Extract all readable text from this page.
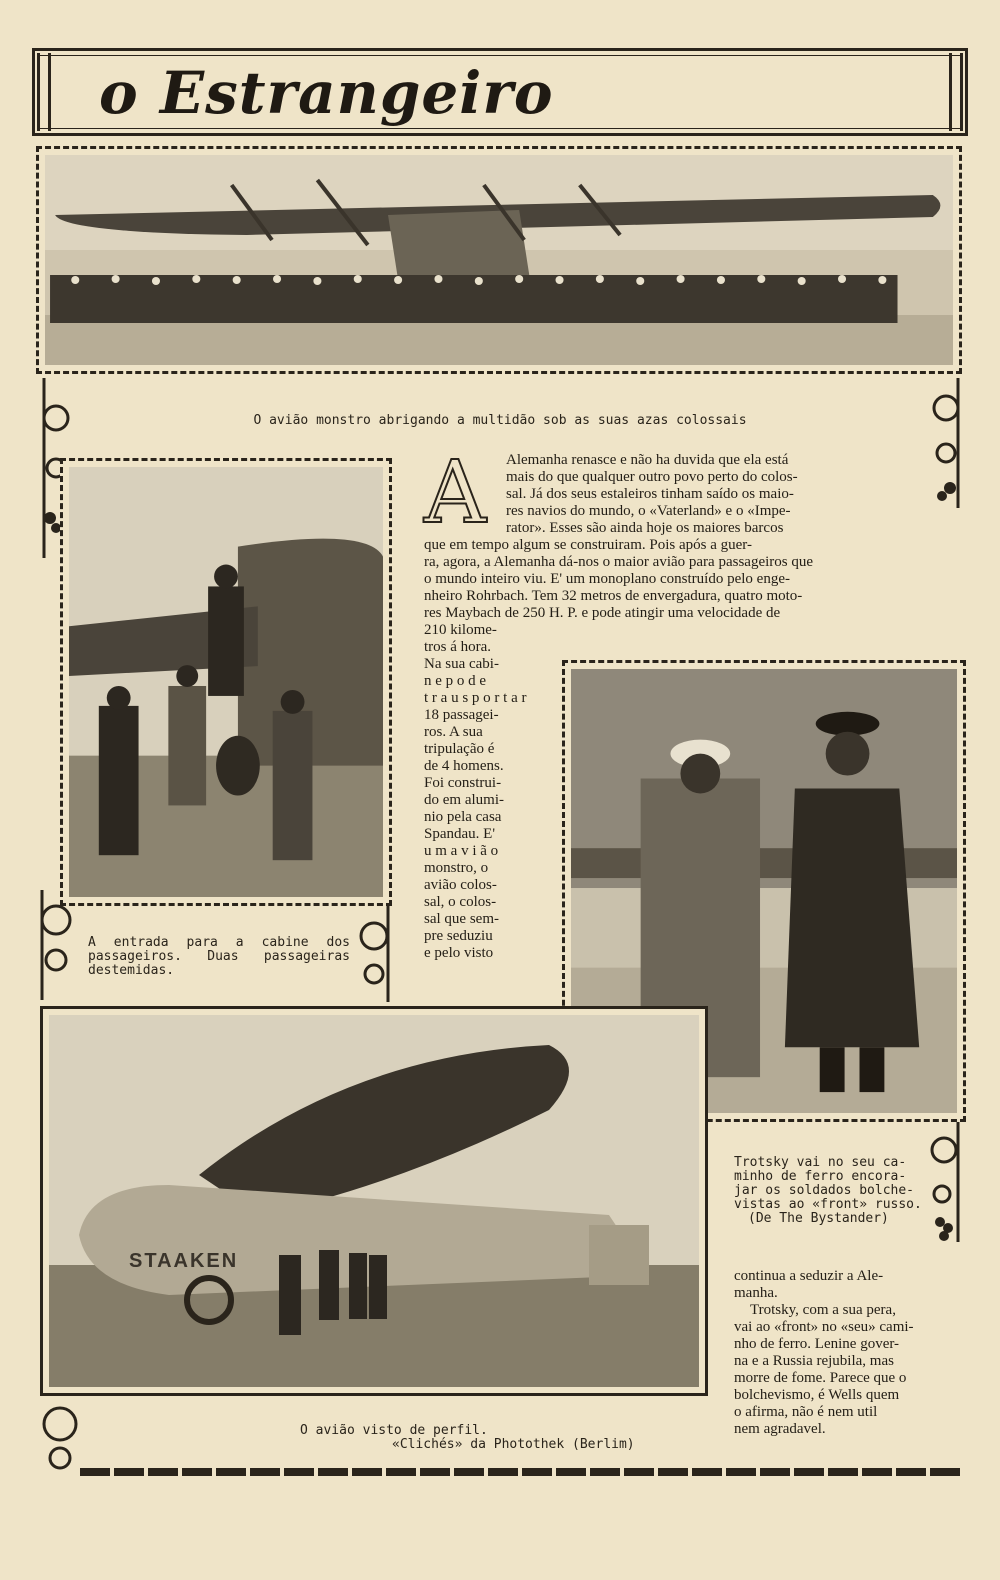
o Estrangeiro
O avião monstro abrigando a multidão sob as suas azas colossais
A entrada para a cabine dos passageiros. Duas passageiras destemidas.
A Alemanha renasce e não ha duvida que ela está
mais do que qualquer outro povo perto do colos-
sal. Já dos seus estaleiros tinham saído os maio-
res navios do mundo, o «Vaterland» e o «Impe-
rator». Esses são ainda hoje os maiores barcos
que em tempo algum se construiram. Pois após a guer-
ra, agora, a Alemanha dá-nos o maior avião para passageiros que
o mundo inteiro viu. E' um monoplano construído pelo enge-
nheiro Rohrbach. Tem 32 metros de envergadura, quatro moto-
res Maybach de 250 H. P. e pode atingir uma velocidade de
210 kilome-
tros á hora.
Na sua cabi-
n e p o d e
t r a u s p o r t a r
18 passagei-
ros. A sua
tripulação é
de 4 homens.
Foi construi-
do em alumi-
nio pela casa
Spandau. E'
u m a v i ã o
monstro, o
avião colos-
sal, o colos-
sal que sem-
pre seduziu
e pelo visto
Trotsky vai no seu ca-
minho de ferro encora-
jar os soldados bolche-
vistas ao «front» russo.
(De The Bystander)
STAAKEN
continua a seduzir a Ale-
manha.
Trotsky, com a sua pera,
vai ao «front» no «seu» cami-
nho de ferro. Lenine gover-
na e a Russia rejubila, mas
morre de fome. Parece que o
bolchevismo, é Wells quem
o afirma, não é nem util
nem agradavel.
O avião visto de perfil.
«Clichés» da Photothek (Berlim)
